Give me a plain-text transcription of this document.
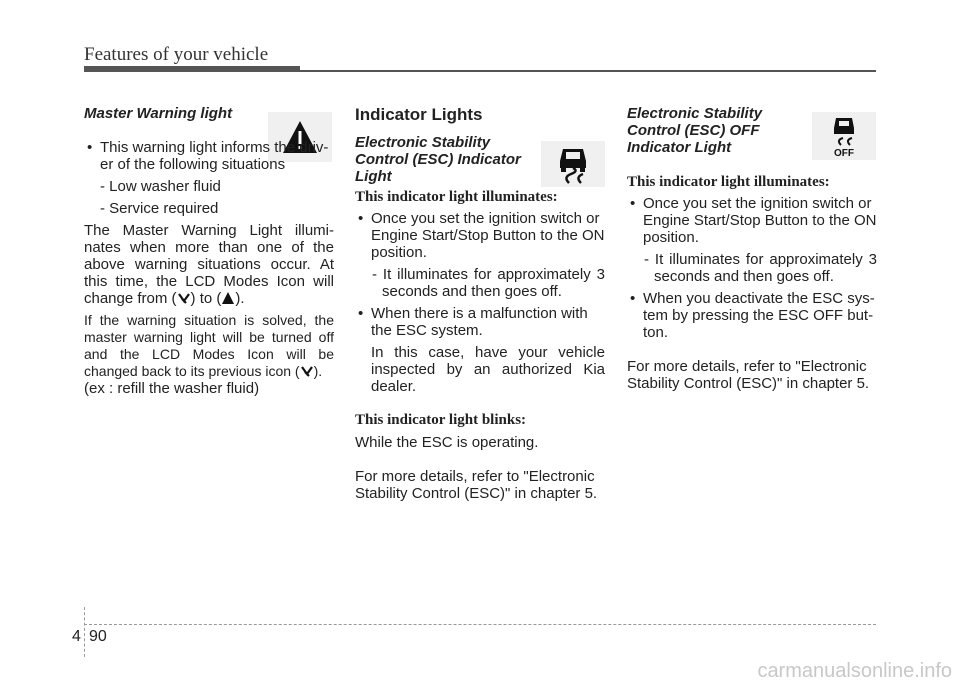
Features of your vehicle

Master Warning light

• This warning light informs the driv- er of the following situations

- Low washer fluid

- Service required

The Master Warning Light illumi- nates when more than one of the above warning situations occur. At this time, the LCD Modes Icon will change from ( ) to ( ).

If the warning situation is solved, the master warning light will be turned off and the LCD Modes Icon will be changed back to its previous icon ( ).

(ex : refill the washer fluid)

Indicator Lights

Electronic Stability Control (ESC) Indicator Light

This indicator light illuminates:

• Once you set the ignition switch or Engine Start/Stop Button to the ON position.

- It illuminates for approximately 3 seconds and then goes off.

• When there is a malfunction with the ESC system.

In this case, have your vehicle inspected by an authorized Kia dealer.

This indicator light blinks:

While the ESC is operating.

For more details, refer to "Electronic Stability Control (ESC)" in chapter 5.

OFF

Electronic Stability Control (ESC) OFF Indicator Light

This indicator light illuminates:

• Once you set the ignition switch or Engine Start/Stop Button to the ON position.

- It illuminates for approximately 3 seconds and then goes off.

• When you deactivate the ESC sys- tem by pressing the ESC OFF but- ton.

For more details, refer to "Electronic Stability Control (ESC)" in chapter 5.

4 90
carmanualsonline.info
